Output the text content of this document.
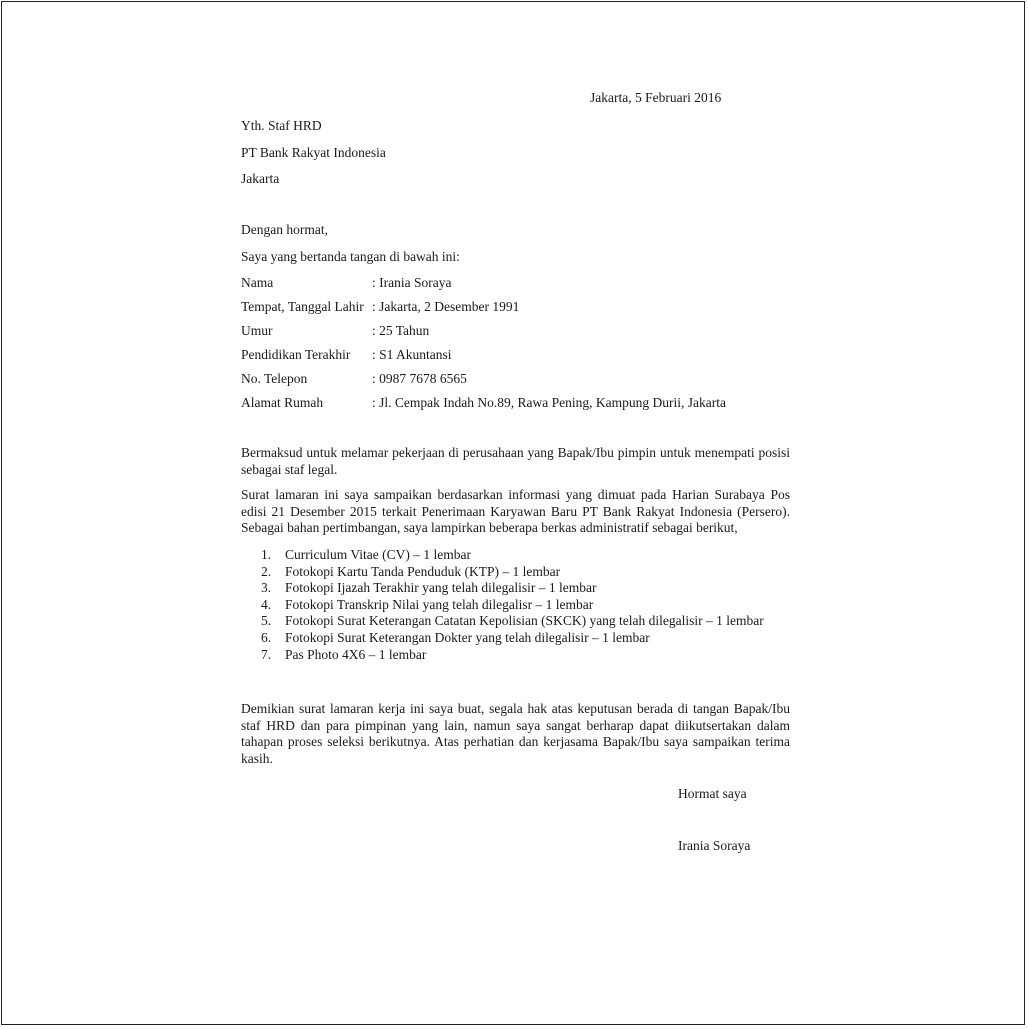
Jakarta, 5 Februari 2016
Yth. Staf HRD
PT Bank Rakyat Indonesia
Jakarta
Dengan hormat,
Saya yang bertanda tangan di bawah ini:
Nama	: Irania Soraya
Tempat, Tanggal Lahir	: Jakarta, 2 Desember 1991
Umur	: 25 Tahun
Pendidikan Terakhir	: S1 Akuntansi
No. Telepon	: 0987 7678 6565
Alamat Rumah	: Jl. Cempak Indah No.89, Rawa Pening, Kampung Durii, Jakarta
Bermaksud untuk melamar pekerjaan di perusahaan yang Bapak/Ibu pimpin untuk menempati posisi sebagai staf legal.
Surat lamaran ini saya sampaikan berdasarkan informasi yang dimuat pada Harian Surabaya Pos edisi 21 Desember 2015 terkait Penerimaan Karyawan Baru PT Bank Rakyat Indonesia (Persero). Sebagai bahan pertimbangan, saya lampirkan beberapa berkas administratif sebagai berikut,
1.	Curriculum Vitae (CV) – 1 lembar
2.	Fotokopi Kartu Tanda Penduduk (KTP) – 1 lembar
3.	Fotokopi Ijazah Terakhir yang telah dilegalisir – 1 lembar
4.	Fotokopi Transkrip Nilai yang telah dilegalisr – 1 lembar
5.	Fotokopi Surat Keterangan Catatan Kepolisian (SKCK) yang telah dilegalisir – 1 lembar
6.	Fotokopi Surat Keterangan Dokter yang telah dilegalisir – 1 lembar
7.	Pas Photo 4X6 – 1 lembar
Demikian surat lamaran kerja ini saya buat, segala hak atas keputusan berada di tangan Bapak/Ibu staf HRD dan para pimpinan yang lain, namun saya sangat berharap dapat diikutsertakan dalam tahapan proses seleksi berikutnya. Atas perhatian dan kerjasama Bapak/Ibu saya sampaikan terima kasih.
Hormat saya
Irania Soraya
